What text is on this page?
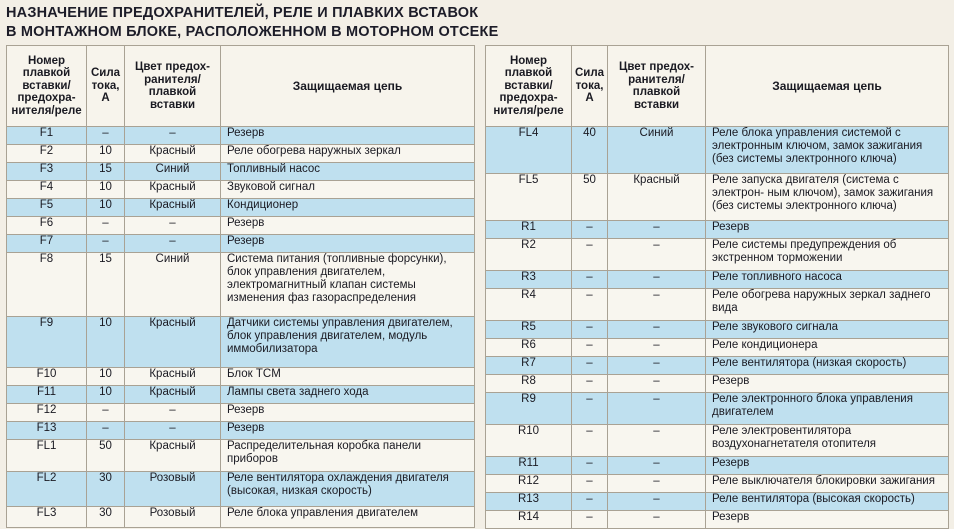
НАЗНАЧЕНИЕ ПРЕДОХРАНИТЕЛЕЙ, РЕЛЕ И ПЛАВКИХ ВСТАВОК
В МОНТАЖНОМ БЛОКЕ, РАСПОЛОЖЕННОМ В МОТОРНОМ ОТСЕКЕ
Номер плавкой вставки/ предохра- нителя/реле	Сила тока, А	Цвет предох- ранителя/ плавкой вставки	Защищаемая цепь
F1	–	–	Резерв
F2	10	Красный	Реле обогрева наружных зеркал
F3	15	Синий	Топливный насос
F4	10	Красный	Звуковой сигнал
F5	10	Красный	Кондиционер
F6	–	–	Резерв
F7	–	–	Резерв
F8	15	Синий	Система питания (топливные форсунки), блок управления двигателем, электромагнитный клапан системы изменения фаз газораспределения
F9	10	Красный	Датчики системы управления двигателем, блок управления двигателем, модуль иммобилизатора
F10	10	Красный	Блок TCM
F11	10	Красный	Лампы света заднего хода
F12	–	–	Резерв
F13	–	–	Резерв
FL1	50	Красный	Распределительная коробка панели приборов
FL2	30	Розовый	Реле вентилятора охлаждения двигателя (высокая, низкая скорость)
FL3	30	Розовый	Реле блока управления двигателем
Номер плавкой вставки/ предохра- нителя/реле	Сила тока, А	Цвет предох- ранителя/ плавкой вставки	Защищаемая цепь
FL4	40	Синий	Реле блока управления системой с электронным ключом, замок зажигания (без системы электронного ключа)
FL5	50	Красный	Реле запуска двигателя (система с электрон- ным ключом), замок зажигания (без системы электронного ключа)
R1	–	–	Резерв
R2	–	–	Реле системы предупреждения об экстренном торможении
R3	–	–	Реле топливного насоса
R4	–	–	Реле обогрева наружных зеркал заднего вида
R5	–	–	Реле звукового сигнала
R6	–	–	Реле кондиционера
R7	–	–	Реле вентилятора (низкая скорость)
R8	–	–	Резерв
R9	–	–	Реле электронного блока управления двигателем
R10	–	–	Реле электровентилятора воздухонагнетателя отопителя
R11	–	–	Резерв
R12	–	–	Реле выключателя блокировки зажигания
R13	–	–	Реле вентилятора (высокая скорость)
R14	–	–	Резерв
